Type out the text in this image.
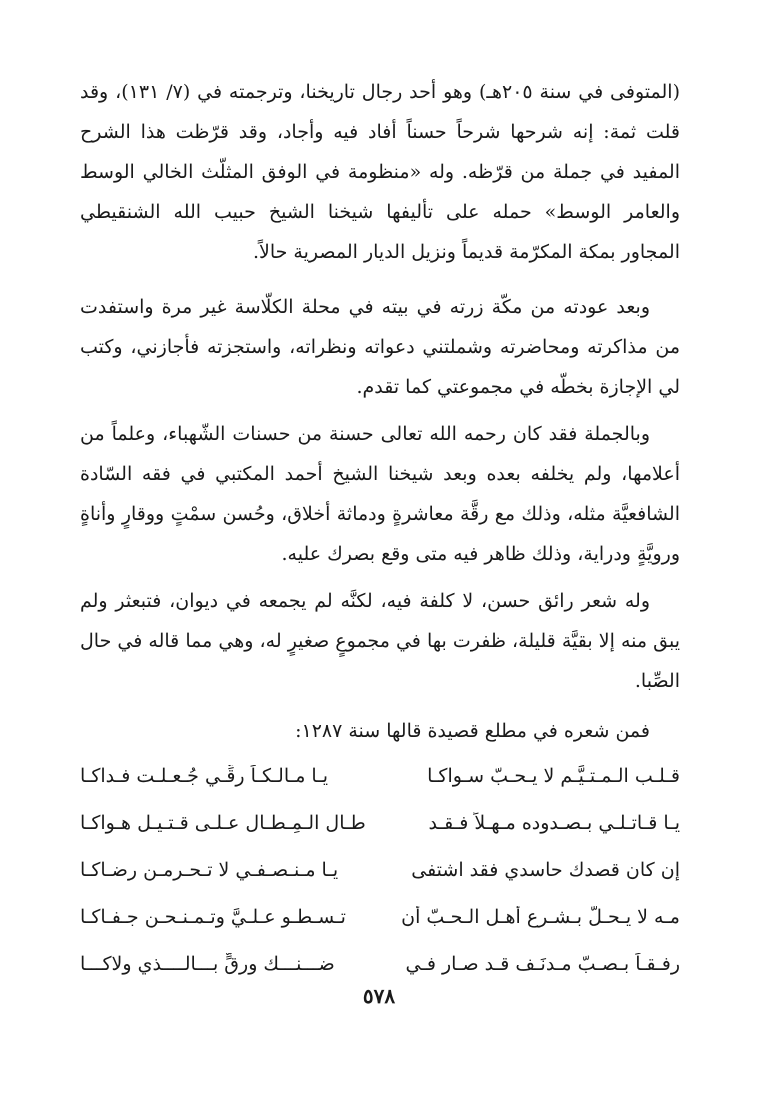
(المتوفى في سنة ٢٠٥هـ) وهو أحد رجال تاريخنا، وترجمته في (٧/ ١٣١)، وقد قلت ثمة: إنه شرحها شرحاً حسناً أفاد فيه وأجاد، وقد قرّظت هذا الشرح المفيد في جملة من قرّظه. وله «منظومة في الوفق المثلّث الخالي الوسط والعامر الوسط» حمله على تأليفها شيخنا الشيخ حبيب الله الشنقيطي المجاور بمكة المكرّمة قديماً ونزيل الديار المصرية حالاً.

وبعد عودته من مكّة زرته في بيته في محلة الكلّاسة غير مرة واستفدت من مذاكرته ومحاضرته وشملتني دعواته ونظراته، واستجزته فأجازني، وكتب لي الإجازة بخطّه في مجموعتي كما تقدم.

وبالجملة فقد كان رحمه الله تعالى حسنة من حسنات الشّهباء، وعلماً من أعلامها، ولم يخلفه بعده وبعد شيخنا الشيخ أحمد المكتبي في فقه السّادة الشافعيَّة مثله، وذلك مع رقَّة معاشرةٍ ودماثة أخلاق، وحُسن سمْتٍ ووقارٍ وأناةٍ ورويَّةٍ ودراية، وذلك ظاهر فيه متى وقع بصرك عليه.

وله شعر رائق حسن، لا كلفة فيه، لكنَّه لم يجمعه في ديوان، فتبعثر ولم يبق منه إلا بقيَّة قليلة، ظفرت بها في مجموعٍ صغيرٍ له، وهي مما قاله في حال الصِّبا.

فمن شعره في مطلع قصيدة قالها سنة ١٢٨٧:

قـلـب الـمـتـيَّـم لا يـحـبّ سـواكـا
يـا مـالـكـاً رقِّـي جُـعـلـت فـداكـا
يـا قـاتـلـي بـصـدوده مـهـلاً فـقـد
طـال الـمِـطـال عـلـى قـتـيـل هـواكـا
إن كان قصدك حاسدي فقد اشتفى
يـا مـنـصـفـي لا تـحـرمـن رضـاكـا
مـه لا يـحـلّ بـشـرع أهـل الـحـبّ أن
تـسـطـو عـلـيَّ وتـمـنـحـن جـفـاكـا
رفـقـاً بـصـبّ مـدنَـف قـد صـار فـي
ضـــنـــك ورقٍّ بـــالــــذي ولاكـــا
٥٧٨
